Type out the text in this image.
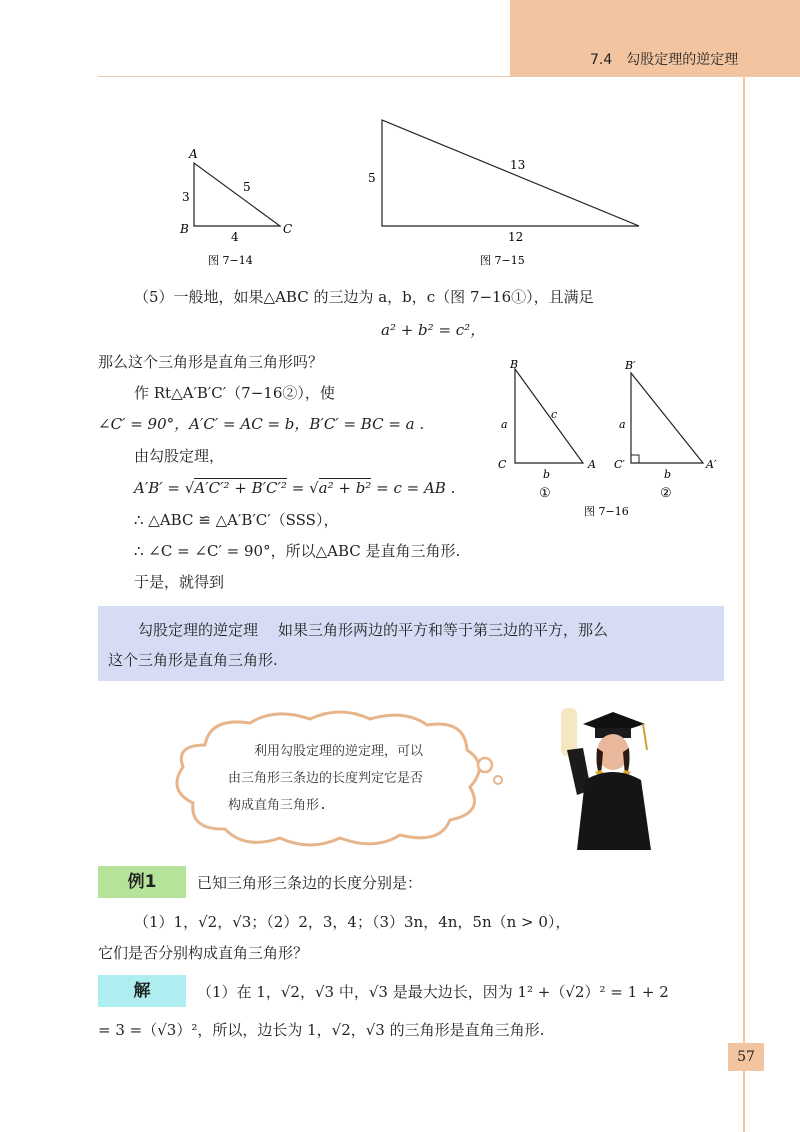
7.4　勾股定理的逆定理
A
B	C
3
4
5
图 7−14
5
13
12
图 7−15
（5）一般地，如果△ABC 的三边为 a，b，c（图 7−16①），且满足
a² + b² = c²，
那么这个三角形是直角三角形吗？
作 Rt△A′B′C′（7−16②），使
∠C′ = 90°，A′C′ = AC = b，B′C′ = BC = a .
由勾股定理，
A′B′ = √A′C′² + B′C′² = √a² + b² = c = AB .
∴ △ABC ≌ △A′B′C′（SSS），
∴ ∠C = ∠C′ = 90°，所以△ABC 是直角三角形.
于是，就得到
B
C	A
a
b
c
①
B′
C′	A′
a
b
②
图 7−16
勾股定理的逆定理 如果三角形两边的平方和等于第三边的平方，那么
这个三角形是直角三角形.
利用勾股定理的逆定理，可以
由三角形三条边的长度判定它是否
构成直角三角形.
例1	已知三角形三条边的长度分别是：
（1）1，√2，√3；（2）2，3，4；（3）3n，4n，5n（n > 0），
它们是否分别构成直角三角形？
解	（1）在 1，√2，√3 中，√3 是最大边长，因为 1² +（√2）² = 1 + 2
= 3 =（√3）²，所以，边长为 1，√2，√3 的三角形是直角三角形.
57
